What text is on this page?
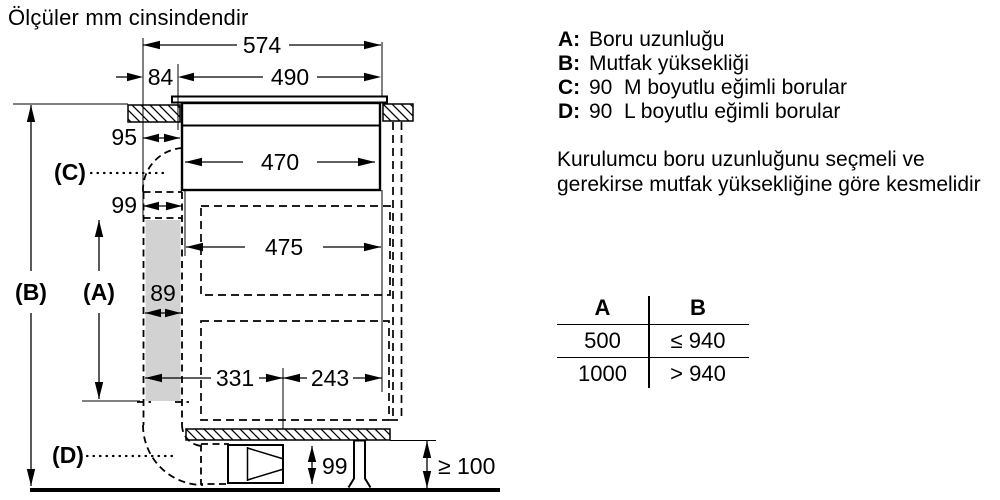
Ölçüler mm cinsindendir
574
84	490
95
470
99
475
89
331 243
99	≥ 100
(A)
(B)
(C)
(D)
A: Boru uzunluğu
B: Mutfak yüksekliği
C: 90  M boyutlu eğimli borular
D: 90  L boyutlu eğimli borular
Kurulumcu boru uzunluğunu seçmeli ve gerekirse mutfak yüksekliğine göre kesmelidir
A	B
500	≤ 940
1000	> 940
